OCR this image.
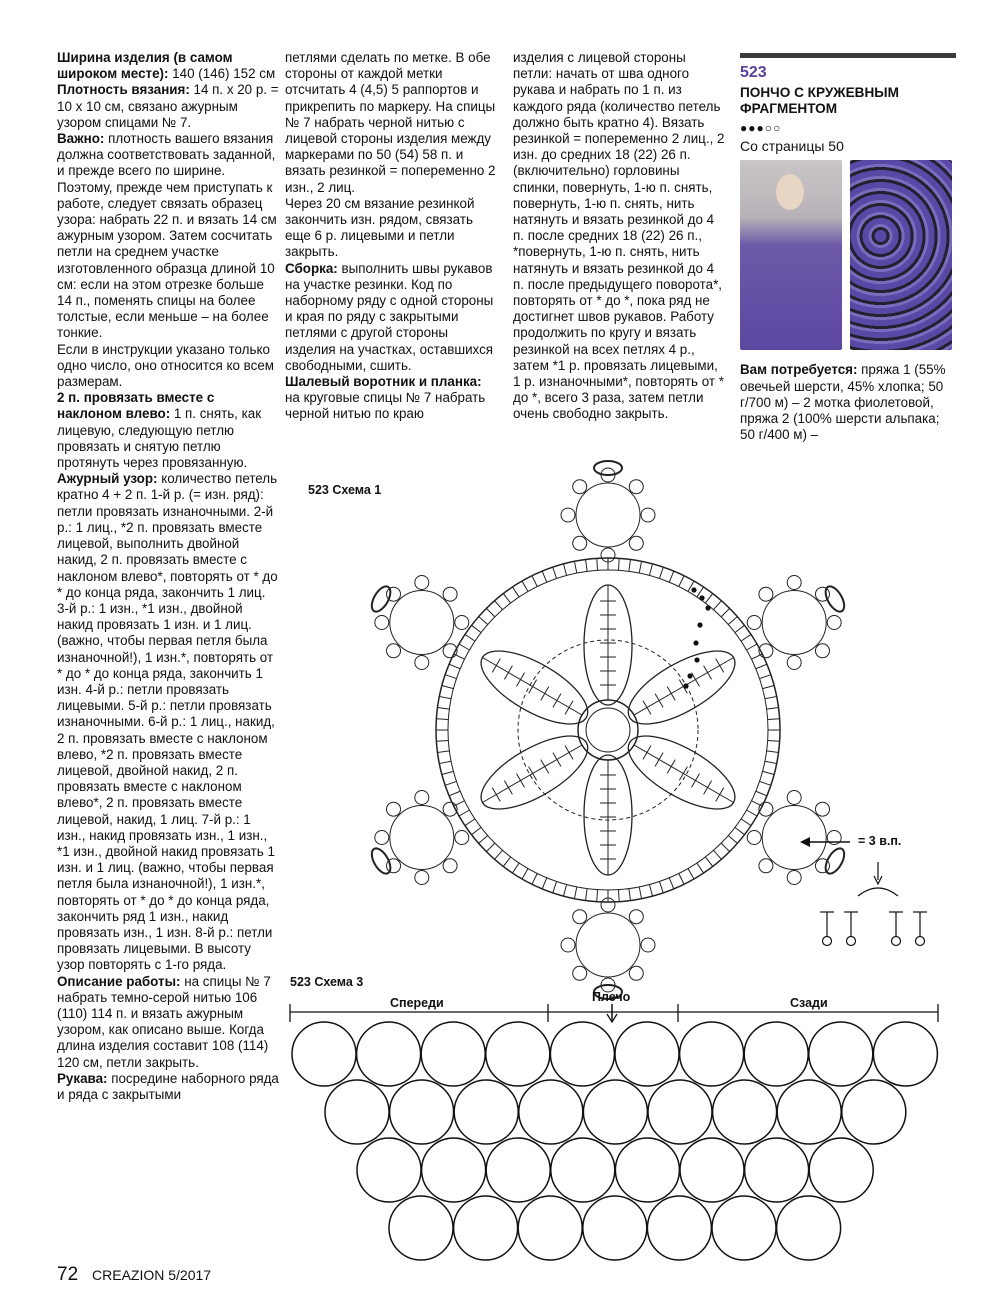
Ширина изделия (в самом широком месте): 140 (146) 152 см

Плотность вязания: 14 п. х 20 р. = 10 х 10 см, связано ажурным узором спицами № 7.

Важно: плотность вашего вязания должна соответствовать заданной, и прежде всего по ширине. Поэтому, прежде чем приступать к работе, следует связать образец узора: набрать 22 п. и вязать 14 см ажурным узором. Затем сосчитать петли на среднем участке изготовленного образца длиной 10 см: если на этом отрезке больше 14 п., поменять спицы на более толстые, если меньше – на более тонкие.

Если в инструкции указано только одно число, оно относится ко всем размерам.

2 п. провязать вместе с наклоном влево: 1 п. снять, как лицевую, следующую петлю провязать и снятую петлю протянуть через провязанную.

Ажурный узор: количество петель кратно 4 + 2 п. 1-й р. (= изн. ряд): петли провязать изнаночными. 2-й р.: 1 лиц., *2 п. провязать вместе лицевой, выполнить двойной накид, 2 п. провязать вместе с наклоном влево*, повторять от * до * до конца ряда, закончить 1 лиц. 3-й р.: 1 изн., *1 изн., двойной накид провязать 1 изн. и 1 лиц. (важно, чтобы первая петля была изнаночной!), 1 изн.*, повторять от * до * до конца ряда, закончить 1 изн. 4-й р.: петли провязать лицевыми. 5-й р.: петли провязать изнаночными. 6-й р.: 1 лиц., накид, 2 п. провязать вместе с наклоном влево, *2 п. провязать вместе лицевой, двойной накид, 2 п. провязать вместе с наклоном влево*, 2 п. провязать вместе лицевой, накид, 1 лиц. 7-й р.: 1 изн., накид провязать изн., 1 изн., *1 изн., двойной накид провязать 1 изн. и 1 лиц. (важно, чтобы первая петля была изнаночной!), 1 изн.*, повторять от * до * до конца ряда, закончить ряд 1 изн., накид провязать изн., 1 изн. 8-й р.: петли провязать лицевыми. В высоту узор повторять с 1-го ряда.

Описание работы: на спицы № 7 набрать темно-серой нитью 106 (110) 114 п. и вязать ажурным узором, как описано выше. Когда длина изделия составит 108 (114) 120 см, петли закрыть.

Рукава: посредине наборного ряда и ряда с закрытыми

петлями сделать по метке. В обе стороны от каждой метки отсчитать 4 (4,5) 5 раппортов и прикрепить по маркеру. На спицы № 7 набрать черной нитью с лицевой стороны изделия между маркерами по 50 (54) 58 п. и вязать резинкой = попеременно 2 изн., 2 лиц.

Через 20 см вязание резинкой закончить изн. рядом, связать еще 6 р. лицевыми и петли закрыть.

Сборка: выполнить швы рукавов на участке резинки. Код по наборному ряду с одной стороны и края по ряду с закрытыми петлями с другой стороны изделия на участках, оставшихся свободными, сшить.

Шалевый воротник и планка: на круговые спицы № 7 набрать черной нитью по краю

изделия с лицевой стороны петли: начать от шва одного рукава и набрать по 1 п. из каждого ряда (количество петель должно быть кратно 4). Вязать резинкой = попеременно 2 лиц., 2 изн. до средних 18 (22) 26 п. (включительно) горловины спинки, повернуть, 1-ю п. снять, повернуть, 1-ю п. снять, нить натянуть и вязать резинкой до 4 п. после средних 18 (22) 26 п., *повернуть, 1-ю п. снять, нить натянуть и вязать резинкой до 4 п. после предыдущего поворота*, повторять от * до *, пока ряд не достигнет швов рукавов. Работу продолжить по кругу и вязать резинкой на всех петлях 4 р., затем *1 р. провязать лицевыми, 1 р. изнаночными*, повторять от * до *, всего 3 раза, затем петли очень свободно закрыть.

523
ПОНЧО С КРУЖЕВНЫМ ФРАГМЕНТОМ
●●●○○
Со страницы 50

Вам потребуется: пряжа 1 (55% овечьей шерсти, 45% хлопка; 50 г/700 м) – 2 мотка фиолетовой, пряжа 2 (100% шерсти альпака; 50 г/400 м) –

523 Схема 1
= 3 в.п.
523 Схема 3
Спереди	Плечо	Сзади
72 CREAZION 5/2017
